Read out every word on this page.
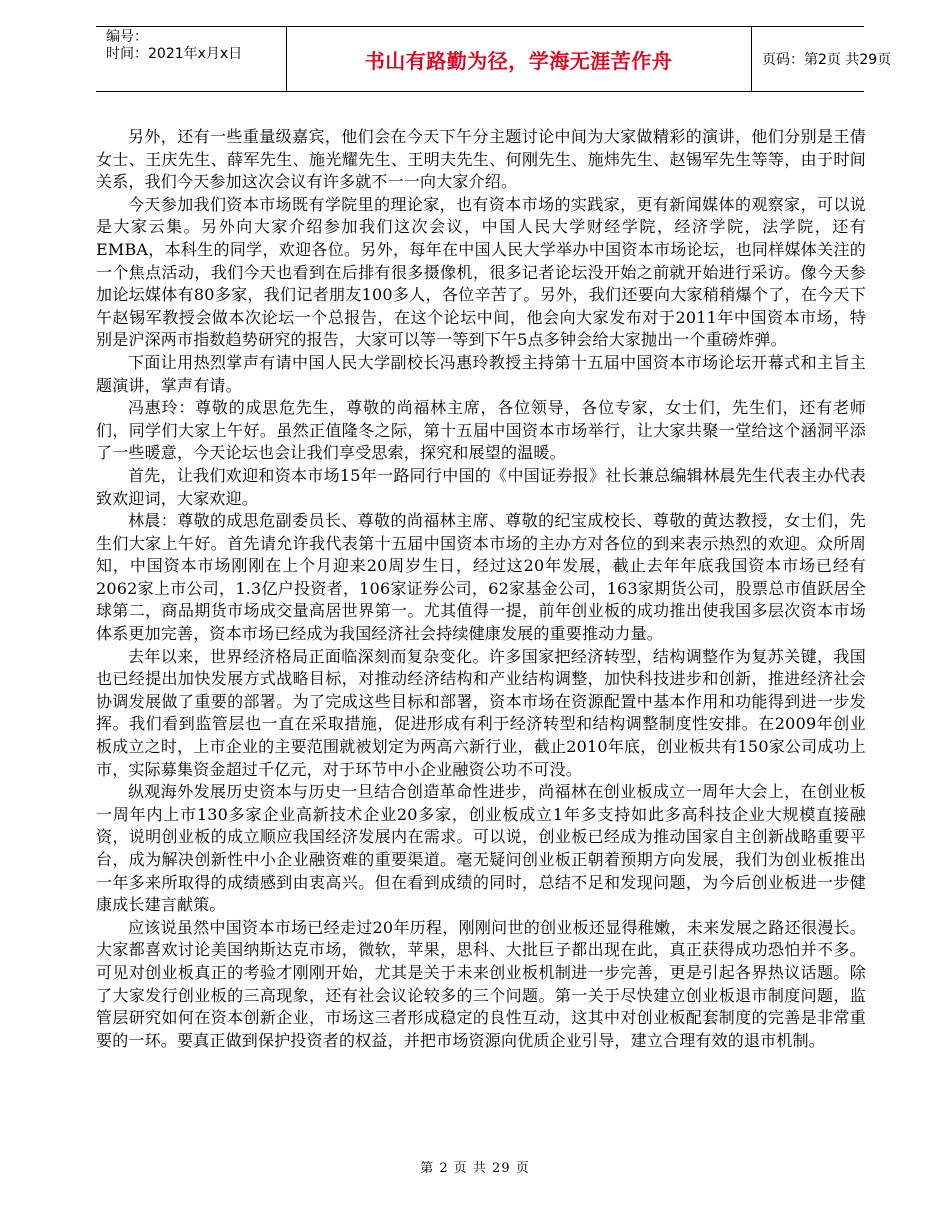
编号：
时间：2021年x月x日	书山有路勤为径，学海无涯苦作舟	页码：第2页 共29页

另外，还有一些重量级嘉宾，他们会在今天下午分主题讨论中间为大家做精彩的演讲，他们分别是王倩女士、王庆先生、薛军先生、施光耀先生、王明夫先生、何刚先生、施炜先生、赵锡军先生等等，由于时间关系，我们今天参加这次会议有许多就不一一向大家介绍。

今天参加我们资本市场既有学院里的理论家，也有资本市场的实践家，更有新闻媒体的观察家，可以说是大家云集。另外向大家介绍参加我们这次会议，中国人民大学财经学院，经济学院，法学院，还有EMBA，本科生的同学，欢迎各位。另外，每年在中国人民大学举办中国资本市场论坛，也同样媒体关注的一个焦点活动，我们今天也看到在后排有很多摄像机，很多记者论坛没开始之前就开始进行采访。像今天参加论坛媒体有80多家，我们记者朋友100多人，各位辛苦了。另外，我们还要向大家稍稍爆个了，在今天下午赵锡军教授会做本次论坛一个总报告，在这个论坛中间，他会向大家发布对于2011年中国资本市场，特别是沪深两市指数趋势研究的报告，大家可以等一等到下午5点多钟会给大家抛出一个重磅炸弹。

下面让用热烈掌声有请中国人民大学副校长冯惠玲教授主持第十五届中国资本市场论坛开幕式和主旨主题演讲，掌声有请。

冯惠玲：尊敬的成思危先生，尊敬的尚福林主席，各位领导，各位专家，女士们，先生们，还有老师们，同学们大家上午好。虽然正值隆冬之际，第十五届中国资本市场举行，让大家共聚一堂给这个涵洞平添了一些暖意，今天论坛也会让我们享受思索，探究和展望的温暖。

首先，让我们欢迎和资本市场15年一路同行中国的《中国证券报》社长兼总编辑林晨先生代表主办代表致欢迎词，大家欢迎。

林晨：尊敬的成思危副委员长、尊敬的尚福林主席、尊敬的纪宝成校长、尊敬的黄达教授，女士们，先生们大家上午好。首先请允许我代表第十五届中国资本市场的主办方对各位的到来表示热烈的欢迎。众所周知，中国资本市场刚刚在上个月迎来20周岁生日，经过这20年发展，截止去年年底我国资本市场已经有2062家上市公司，1.3亿户投资者，106家证券公司，62家基金公司，163家期货公司，股票总市值跃居全球第二，商品期货市场成交量高居世界第一。尤其值得一提，前年创业板的成功推出使我国多层次资本市场体系更加完善，资本市场已经成为我国经济社会持续健康发展的重要推动力量。

去年以来，世界经济格局正面临深刻而复杂变化。许多国家把经济转型，结构调整作为复苏关键，我国也已经提出加快发展方式战略目标，对推动经济结构和产业结构调整，加快科技进步和创新，推进经济社会协调发展做了重要的部署。为了完成这些目标和部署，资本市场在资源配置中基本作用和功能得到进一步发挥。我们看到监管层也一直在采取措施，促进形成有利于经济转型和结构调整制度性安排。在2009年创业板成立之时，上市企业的主要范围就被划定为两高六新行业，截止2010年底，创业板共有150家公司成功上市，实际募集资金超过千亿元，对于环节中小企业融资公功不可没。

纵观海外发展历史资本与历史一旦结合创造革命性进步，尚福林在创业板成立一周年大会上，在创业板一周年内上市130多家企业高新技术企业20多家，创业板成立1年多支持如此多高科技企业大规模直接融资，说明创业板的成立顺应我国经济发展内在需求。可以说，创业板已经成为推动国家自主创新战略重要平台，成为解决创新性中小企业融资难的重要渠道。毫无疑问创业板正朝着预期方向发展，我们为创业板推出一年多来所取得的成绩感到由衷高兴。但在看到成绩的同时，总结不足和发现问题，为今后创业板进一步健康成长建言献策。

应该说虽然中国资本市场已经走过20年历程，刚刚问世的创业板还显得稚嫩，未来发展之路还很漫长。大家都喜欢讨论美国纳斯达克市场，微软，苹果，思科、大批巨子都出现在此，真正获得成功恐怕并不多。可见对创业板真正的考验才刚刚开始，尤其是关于未来创业板机制进一步完善，更是引起各界热议话题。除了大家发行创业板的三高现象，还有社会议论较多的三个问题。第一关于尽快建立创业板退市制度问题，监管层研究如何在资本创新企业，市场这三者形成稳定的良性互动，这其中对创业板配套制度的完善是非常重要的一环。要真正做到保护投资者的权益，并把市场资源向优质企业引导，建立合理有效的退市机制。

第 2 页 共 29 页
